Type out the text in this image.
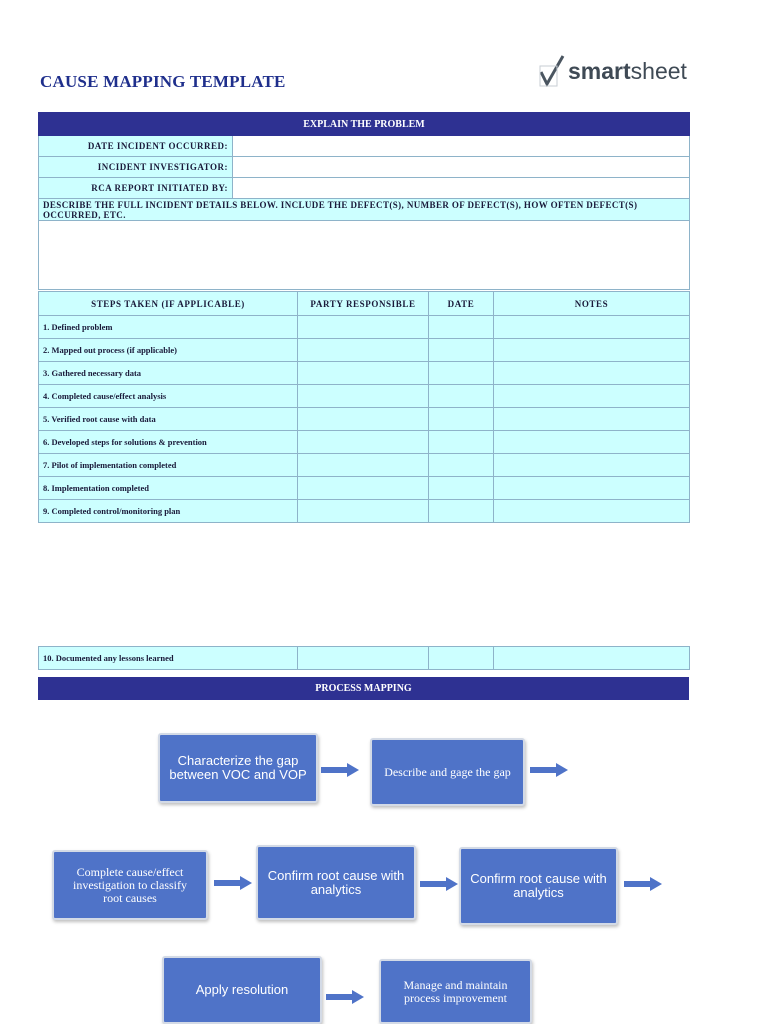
CAUSE MAPPING TEMPLATE	smartsheet
EXPLAIN THE PROBLEM	
DATE INCIDENT OCCURRED:	
INCIDENT INVESTIGATOR:	
RCA REPORT INITIATED BY:	
DESCRIBE THE FULL INCIDENT DETAILS BELOW. INCLUDE THE DEFECT(S), NUMBER OF DEFECT(S), HOW OFTEN DEFECT(S) OCCURRED, ETC.	

STEPS TAKEN (IF APPLICABLE)	PARTY RESPONSIBLE	DATE	NOTES
1. Defined problem			
2. Mapped out process (if applicable)			
3. Gathered necessary data			
4. Completed cause/effect analysis			
5. Verified root cause with data			
6. Developed steps for solutions & prevention			
7. Pilot of implementation completed			
8. Implementation completed			
9. Completed control/monitoring plan			
10. Documented any lessons learned			
PROCESS MAPPING
Characterize the gap between VOC and VOP	Describe and gage the gap
Complete cause/effect investigation to classify root causes
Confirm root cause with analytics
Confirm root cause with analytics
Apply resolution	Manage and maintain process improvement
